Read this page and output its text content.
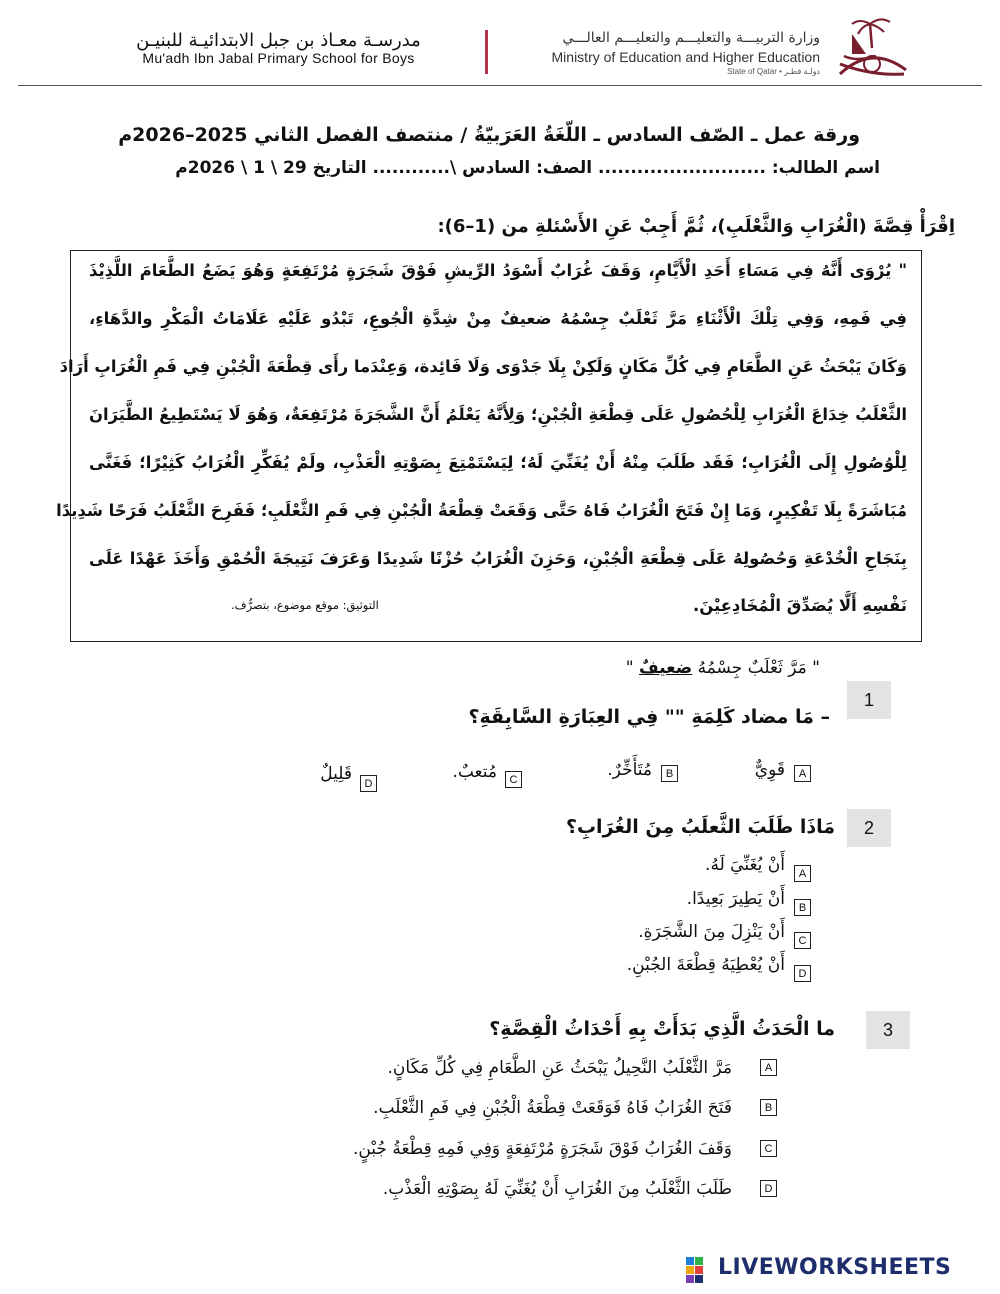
مدرسـة معـاذ بن جبل الابتدائيـة للبنيـن
Mu'adh Ibn Jabal Primary School for Boys
وزارة التربيـــة والتعليـــم والتعليـــم العالـــي
Ministry of Education and Higher Education
State of Qatar • دولـة قطـر
ورقة عمل ـ الصّف السادس ـ اللّغَةُ العَرَبيّةُ / منتصف الفصل الثاني 2025–2026م
اسم الطالب: .......................... الصف: السادس \............ التاريخ 29 \ 1 \ 2026م
اِقْرَأْ قِصَّةَ (الْغُرَابِ وَالثَّعْلَبِ)، ثُمَّ أَجِبْ عَنِ الأَسْئلةِ من (1–6):
" يُرْوَى أَنَّهُ فِي مَسَاءِ أَحَدِ الْأَيَّامِ، وَقَفَ غُرَابٌ أَسْوَدُ الرِّيشِ فَوْقَ شَجَرَةٍ مُرْتَفِعَةٍ وَهُوَ يَضَعُ الطَّعَامَ اللَّذِيْذَ
فِي فَمِهِ، وَفِي تِلْكَ الْأَثْنَاءِ مَرَّ ثَعْلَبٌ جِسْمُهُ ضعيفٌ مِنْ شِدَّةِ الْجُوعِ، تَبْدُو عَلَيْهِ عَلَامَاتُ الْمَكْرِ والدَّهَاءِ،
وَكَانَ يَبْحَثُ عَنِ الطَّعَامِ فِي كُلِّ مَكَانٍ وَلَكِنْ بِلَا جَدْوَى وَلَا فَائِدة، وَعِنْدَما رأَى قِطْعَةَ الْجُبْنِ فِي فَمِ الْغُرَابِ أَرَادَ
الثَّعْلَبُ خِدَاعَ الْغُرَابِ لِلْحُصُولِ عَلَى قِطْعَةِ الْجُبْنِ؛ وَلِأَنَّهُ يَعْلَمُ أَنَّ الشَّجَرَةَ مُرْتَفِعَةٌ، وَهُوَ لَا يَسْتَطِيعُ الطَّيَرَانَ
لِلْوُصُولِ إِلَى الْغُرَابِ؛ فَقَد طَلَبَ مِنْهُ أَنْ يُغَنِّيَ لَهُ؛ لِيَسْتَمْتِعَ بِصَوْتِهِ الْعَذْبِ، ولَمْ يُفَكِّرِ الْغُرَابُ كَثِيْرًا؛ فَغَنَّى
مُبَاشَرَةً بِلَا تَفْكِيرٍ، وَمَا إِنْ فَتَحَ الْغُرَابُ فَاهُ حَتَّى وَقَعَتْ قِطْعَةُ الْجُبْنِ فِي فَمِ الثَّعْلَبِ؛ فَفَرِحَ الثَّعْلَبُ فَرَحًا شَدِيدًا
بِنَجَاحِ الْخُدْعَةِ وَحُصُولِهُ عَلَى قِطْعَةِ الْجُبْنِ، وَحَزِنَ الْغُرَابُ حُزْنًا شَدِيدًا وَعَرَفَ نَتِيجَةَ الْحُمْقِ وَأَخَذَ عَهْدًا عَلَى
نَفْسِهِ أَلَّا يُصَدِّقَ الْمُخَادِعِيْنَ.
التوثيق: موقع موضوع، بتصرُّف.
1
" مَرَّ ثَعْلَبٌ جِسْمُهُ ضعيفٌ "
– مَا مضاد كَلِمَةِ "" فِي العِبَارَةِ السَّابِقَةِ؟
A
قَوِيٌّ
B
مُتَأَخِّرٌ.
C
مُتعبٌ.
D
قَلِيلٌ
2
مَاذَا طَلَبَ الثَّعلَبُ مِنَ الغُرَابِ؟
A
أَنْ يُغَنِّيَ لَهُ.
B
أَنْ يَطِيرَ بَعِيدًا.
C
أَنْ يَنْزِلَ مِنَ الشَّجَرَةِ.
D
أَنْ يُعْطِيَهُ قِطْعَةَ الجُبْنِ.
3
ما الْحَدَثُ الَّذِي بَدَأَتْ بِهِ أَحْدَاثُ الْقِصَّةِ؟
A
مَرَّ الثَّعْلَبُ النَّحِيلُ يَبْحَثُ عَنِ الطَّعَامِ فِي كُلِّ مَكَانٍ.
B
فَتَحَ الغُرَابُ فَاهُ فَوَقَعَتْ قِطْعَةُ الْجُبْنِ فِي فَمِ الثَّعْلَبِ.
C
وَقَفَ الغُرَابُ فَوْقَ شَجَرَةٍ مُرْتَفِعَةٍ وَفِي فَمِهِ قِطْعَةُ جُبْنٍ.
D
طَلَبَ الثَّعْلَبُ مِنَ الغُرَابِ أَنْ يُغَنِّيَ لَهُ بِصَوْتِهِ الْعَذْبِ.
LIVEWORKSHEETS
